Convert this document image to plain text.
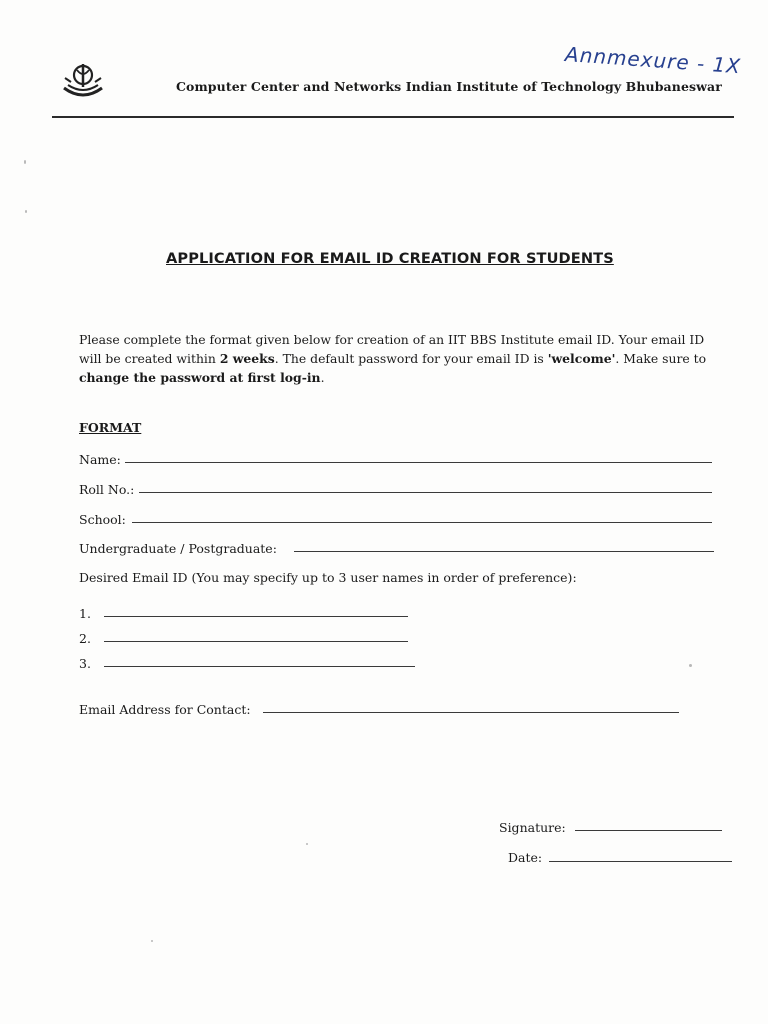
Annmexure - 1X
Computer Center and Networks Indian Institute of Technology Bhubaneswar
APPLICATION FOR EMAIL ID CREATION FOR STUDENTS
Please complete the format given below for creation of an IIT BBS Institute email ID. Your email ID will be created within 2 weeks. The default password for your email ID is 'welcome'. Make sure to change the password at first log-in.
FORMAT
Name:
Roll No.:
School:
Undergraduate / Postgraduate:
Desired Email ID (You may specify up to 3 user names in order of preference):
1.
2.
3.
Email Address for Contact:
Signature:
Date:
